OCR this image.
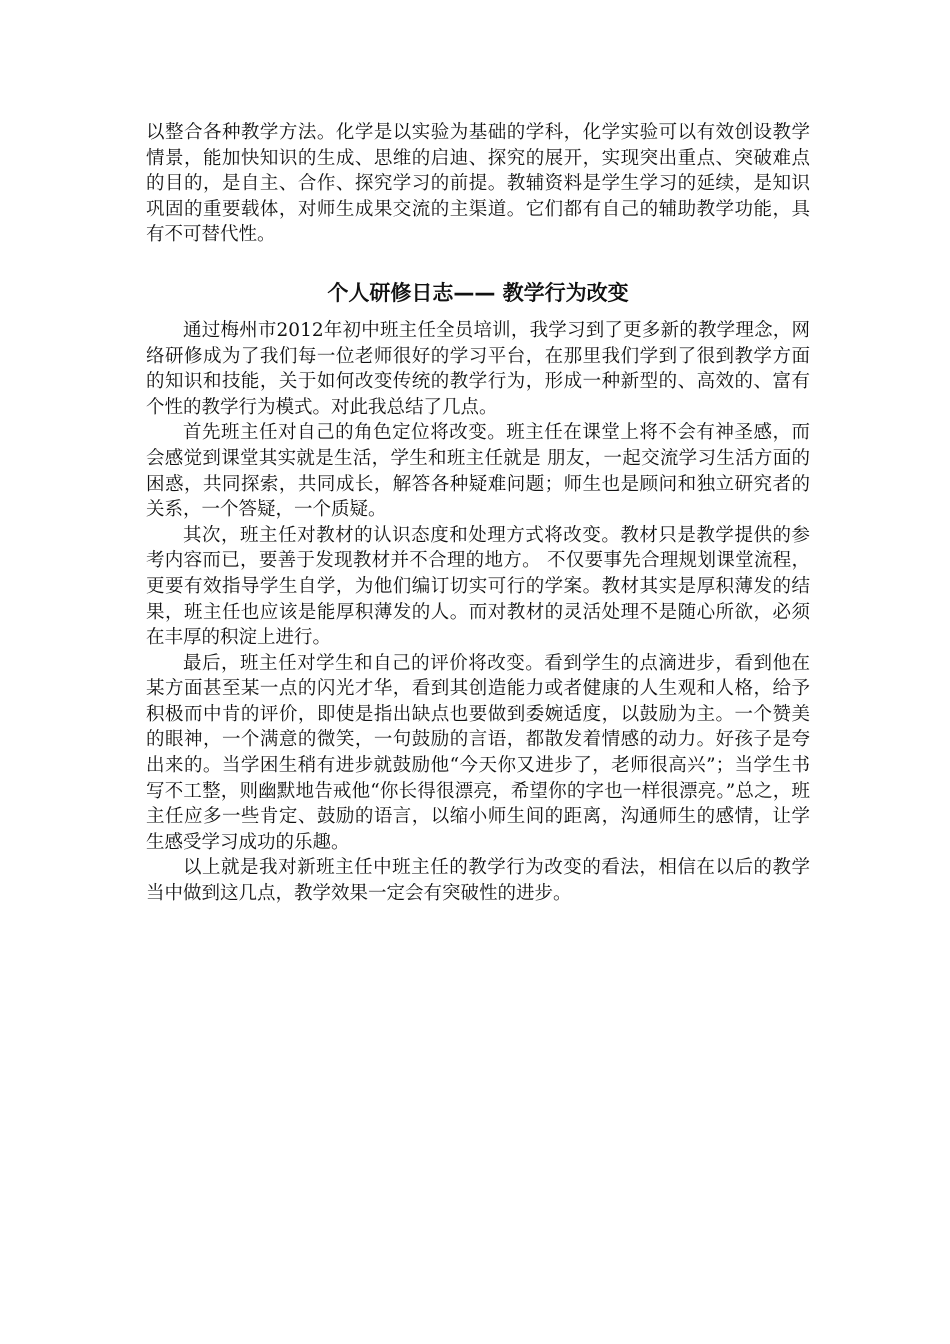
以整合各种教学方法。化学是以实验为基础的学科，化学实验可以有效创设教学情景，能加快知识的生成、思维的启迪、探究的展开，实现突出重点、突破难点的目的，是自主、合作、探究学习的前提。教辅资料是学生学习的延续，是知识巩固的重要载体，对师生成果交流的主渠道。它们都有自己的辅助教学功能，具有不可替代性。

个人研修日志—— 教学行为改变

通过梅州市2012年初中班主任全员培训，我学习到了更多新的教学理念，网络研修成为了我们每一位老师很好的学习平台，在那里我们学到了很到教学方面的知识和技能，关于如何改变传统的教学行为，形成一种新型的、高效的、富有个性的教学行为模式。对此我总结了几点。

首先班主任对自己的角色定位将改变。班主任在课堂上将不会有神圣感，而会感觉到课堂其实就是生活，学生和班主任就是 朋友，一起交流学习生活方面的困惑，共同探索，共同成长，解答各种疑难问题；师生也是顾问和独立研究者的关系，一个答疑，一个质疑。

其次，班主任对教材的认识态度和处理方式将改变。教材只是教学提供的参考内容而已，要善于发现教材并不合理的地方。 不仅要事先合理规划课堂流程，更要有效指导学生自学，为他们编订切实可行的学案。教材其实是厚积薄发的结果，班主任也应该是能厚积薄发的人。而对教材的灵活处理不是随心所欲，必须在丰厚的积淀上进行。

最后，班主任对学生和自己的评价将改变。看到学生的点滴进步，看到他在某方面甚至某一点的闪光才华，看到其创造能力或者健康的人生观和人格，给予积极而中肯的评价，即使是指出缺点也要做到委婉适度，以鼓励为主。一个赞美的眼神，一个满意的微笑，一句鼓励的言语，都散发着情感的动力。好孩子是夸出来的。当学困生稍有进步就鼓励他“今天你又进步了，老师很高兴”；当学生书写不工整，则幽默地告戒他“你长得很漂亮，希望你的字也一样很漂亮。”总之，班主任应多一些肯定、鼓励的语言，以缩小师生间的距离，沟通师生的感情，让学生感受学习成功的乐趣。

以上就是我对新班主任中班主任的教学行为改变的看法，相信在以后的教学当中做到这几点，教学效果一定会有突破性的进步。
